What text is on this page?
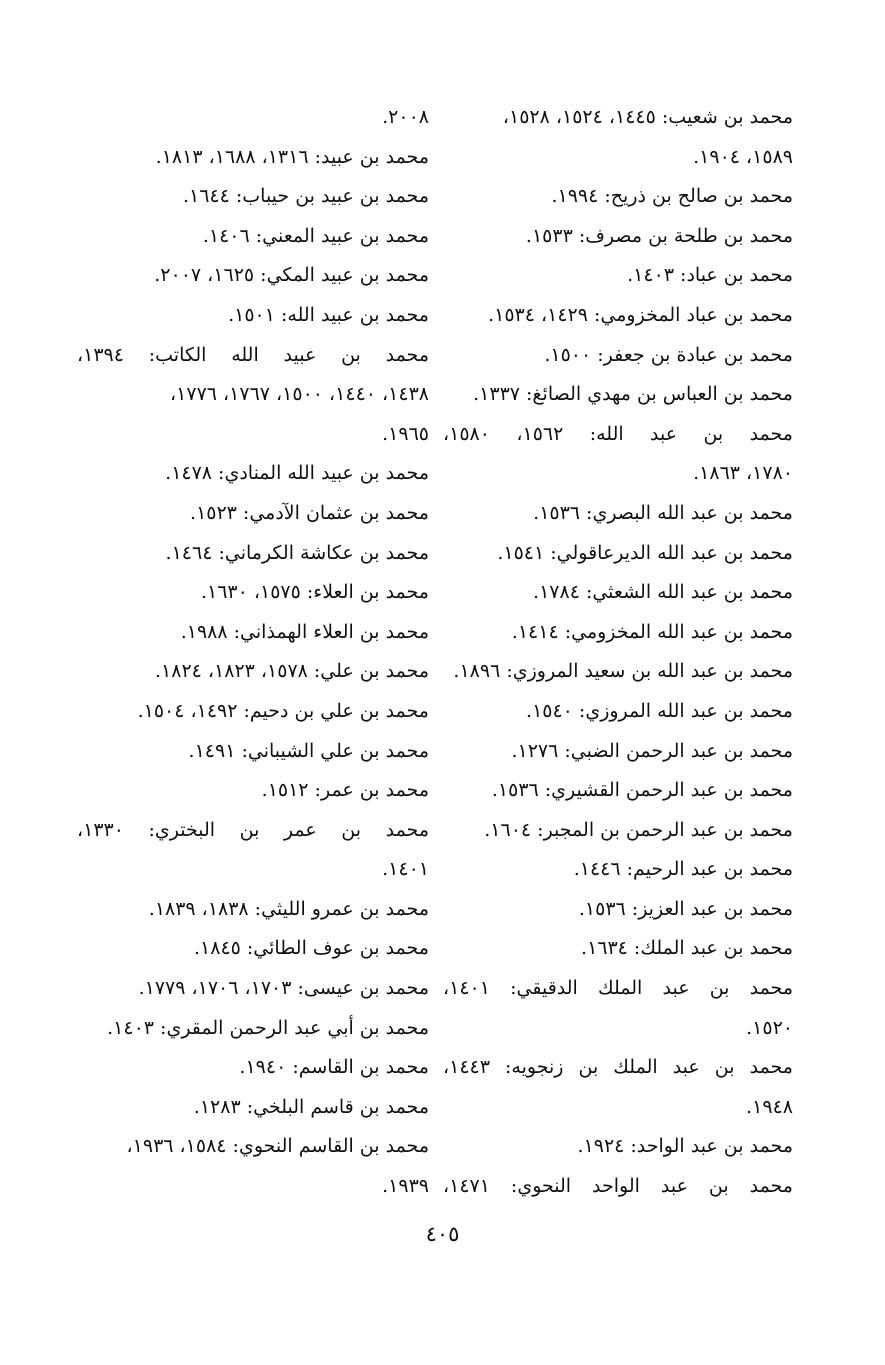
محمد بن شعيب: ١٤٤٥، ١٥٢٤، ١٥٢٨،
١٥٨٩، ١٩٠٤.
محمد بن صالح بن ذريح: ١٩٩٤.
محمد بن طلحة بن مصرف: ١٥٣٣.
محمد بن عباد: ١٤٠٣.
محمد بن عباد المخزومي: ١٤٢٩، ١٥٣٤.
محمد بن عبادة بن جعفر: ١٥٠٠.
محمد بن العباس بن مهدي الصائغ: ١٣٣٧.
محمد بن عبد الله: ١٥٦٢، ١٥٨٠،
١٧٨٠، ١٨٦٣.
محمد بن عبد الله البصري: ١٥٣٦.
محمد بن عبد الله الديرعاقولي: ١٥٤١.
محمد بن عبد الله الشعثي: ١٧٨٤.
محمد بن عبد الله المخزومي: ١٤١٤.
محمد بن عبد الله بن سعيد المروزي: ١٨٩٦.
محمد بن عبد الله المروزي: ١٥٤٠.
محمد بن عبد الرحمن الضبي: ١٢٧٦.
محمد بن عبد الرحمن القشيري: ١٥٣٦.
محمد بن عبد الرحمن بن المجبر: ١٦٠٤.
محمد بن عبد الرحيم: ١٤٤٦.
محمد بن عبد العزيز: ١٥٣٦.
محمد بن عبد الملك: ١٦٣٤.
محمد بن عبد الملك الدقيقي: ١٤٠١،
١٥٢٠.
محمد بن عبد الملك بن زنجويه: ١٤٤٣،
١٩٤٨.
محمد بن عبد الواحد: ١٩٢٤.
محمد بن عبد الواحد النحوي: ١٤٧١،
٢٠٠٨.
محمد بن عبيد: ١٣١٦، ١٦٨٨، ١٨١٣.
محمد بن عبيد بن حيباب: ١٦٤٤.
محمد بن عبيد المعني: ١٤٠٦.
محمد بن عبيد المكي: ١٦٢٥، ٢٠٠٧.
محمد بن عبيد الله: ١٥٠١.
محمد بن عبيد الله الكاتب: ١٣٩٤،
١٤٣٨، ١٤٤٠، ١٥٠٠، ١٧٦٧، ١٧٧٦،
١٩٦٥.
محمد بن عبيد الله المنادي: ١٤٧٨.
محمد بن عثمان الآدمي: ١٥٢٣.
محمد بن عكاشة الكرماني: ١٤٦٤.
محمد بن العلاء: ١٥٧٥، ١٦٣٠.
محمد بن العلاء الهمذاني: ١٩٨٨.
محمد بن علي: ١٥٧٨، ١٨٢٣، ١٨٢٤.
محمد بن علي بن دحيم: ١٤٩٢، ١٥٠٤.
محمد بن علي الشيباني: ١٤٩١.
محمد بن عمر: ١٥١٢.
محمد بن عمر بن البختري: ١٣٣٠،
١٤٠١.
محمد بن عمرو الليثي: ١٨٣٨، ١٨٣٩.
محمد بن عوف الطائي: ١٨٤٥.
محمد بن عيسى: ١٧٠٣، ١٧٠٦، ١٧٧٩.
محمد بن أبي عبد الرحمن المقري: ١٤٠٣.
محمد بن القاسم: ١٩٤٠.
محمد بن قاسم البلخي: ١٢٨٣.
محمد بن القاسم النحوي: ١٥٨٤، ١٩٣٦،
١٩٣٩.
٤٠٥
